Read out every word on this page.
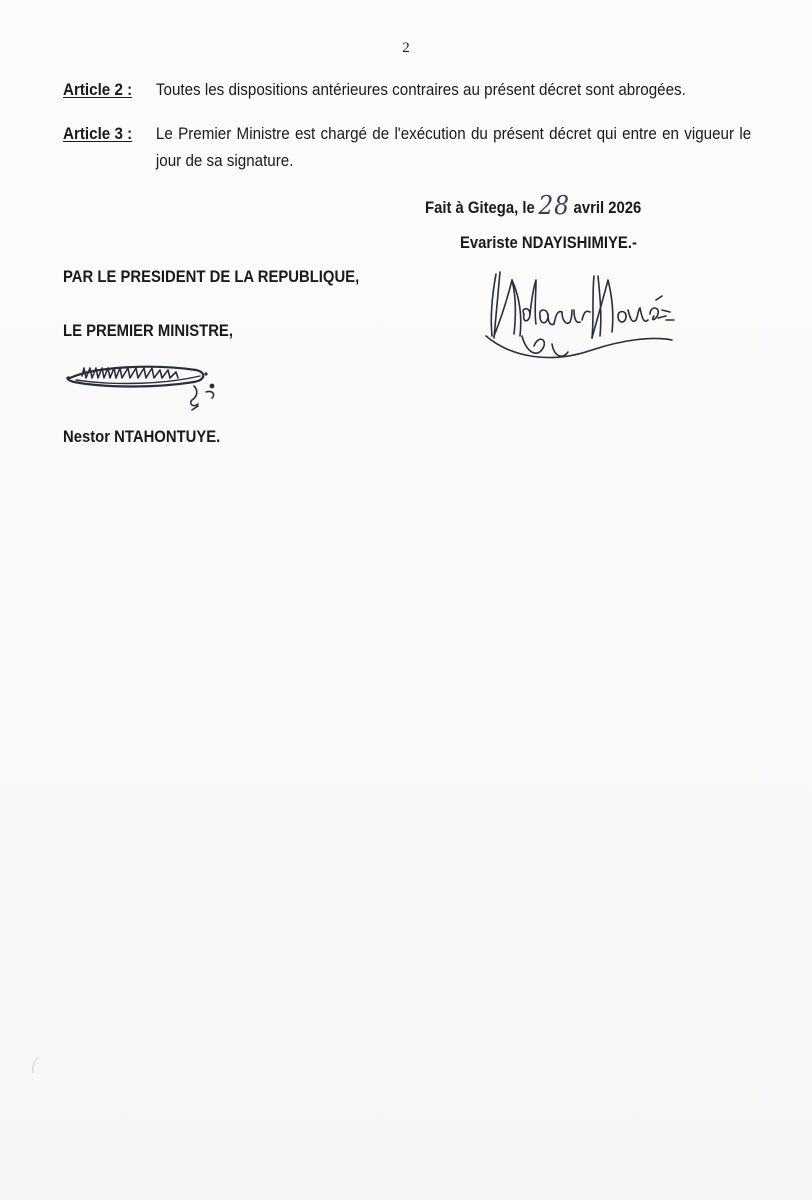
2
Article 2 : Toutes les dispositions antérieures contraires au présent décret sont abrogées.
Article 3 : Le Premier Ministre est chargé de l'exécution du présent décret qui entre en vigueur le jour de sa signature.
Fait à Gitega, le 28 avril 2026
Evariste NDAYISHIMIYE.-
PAR LE PRESIDENT DE LA REPUBLIQUE,
LE PREMIER MINISTRE,
Nestor NTAHONTUYE.
